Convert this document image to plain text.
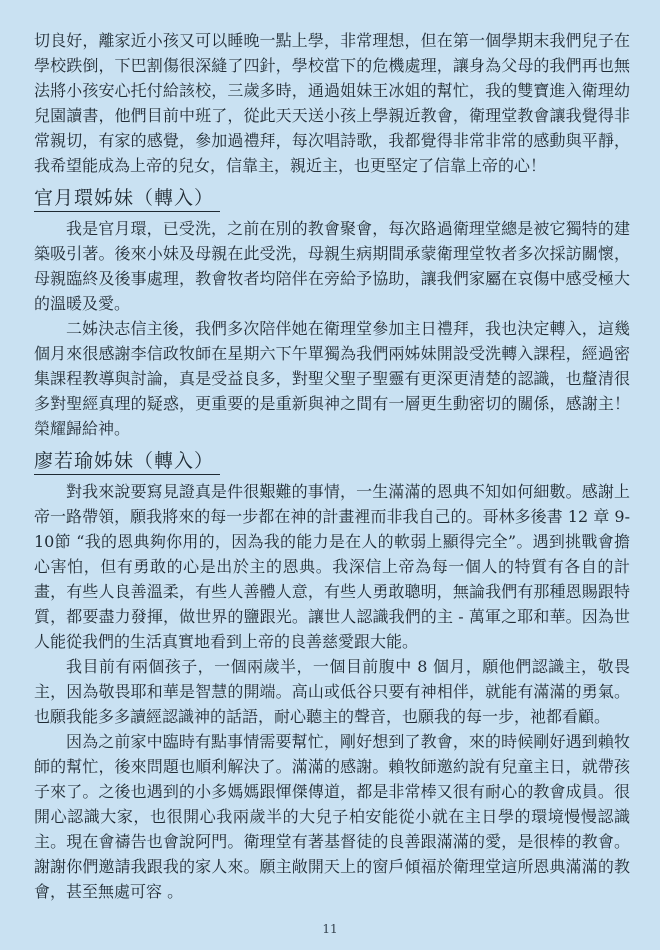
切良好，離家近小孩又可以睡晚一點上學，非常理想，但在第一個學期末我們兒子在學校跌倒，下巴割傷很深縫了四針，學校當下的危機處理，讓身為父母的我們再也無法將小孩安心托付給該校，三歲多時，通過姐妹王冰姐的幫忙，我的雙寶進入衛理幼兒園讀書，他們目前中班了，從此天天送小孩上學親近教會，衛理堂教會讓我覺得非常親切，有家的感覺，參加過禮拜，每次唱詩歌，我都覺得非常非常的感動與平靜，我希望能成為上帝的兒女，信靠主，親近主，也更堅定了信靠上帝的心！

官月環姊妹（轉入）

我是官月環，已受洗，之前在別的教會聚會，每次路過衛理堂總是被它獨特的建築吸引著。後來小妹及母親在此受洗，母親生病期間承蒙衛理堂牧者多次採訪關懷，母親臨終及後事處理，教會牧者均陪伴在旁給予協助，讓我們家屬在哀傷中感受極大的溫暖及愛。

二姊決志信主後，我們多次陪伴她在衛理堂參加主日禮拜，我也決定轉入，這幾個月來很感謝李信政牧師在星期六下午單獨為我們兩姊妹開設受洗轉入課程，經過密集課程教導與討論，真是受益良多，對聖父聖子聖靈有更深更清楚的認識，也釐清很多對聖經真理的疑惑，更重要的是重新與神之間有一層更生動密切的關係，感謝主！榮耀歸給神。

廖若瑜姊妹（轉入）

對我來說要寫見證真是件很艱難的事情，一生滿滿的恩典不知如何細數。感謝上帝一路帶領，願我將來的每一步都在神的計畫裡而非我自己的。哥林多後書 12 章 9-10節 “我的恩典夠你用的，因為我的能力是在人的軟弱上顯得完全”。遇到挑戰會擔心害怕，但有勇敢的心是出於主的恩典。我深信上帝為每一個人的特質有各自的計畫，有些人良善溫柔，有些人善體人意，有些人勇敢聰明，無論我們有那種恩賜跟特質，都要盡力發揮，做世界的鹽跟光。讓世人認識我們的主 - 萬軍之耶和華。因為世人能從我們的生活真實地看到上帝的良善慈愛跟大能。

我目前有兩個孩子，一個兩歲半，一個目前腹中 8 個月，願他們認識主，敬畏主，因為敬畏耶和華是智慧的開端。高山或低谷只要有神相伴，就能有滿滿的勇氣。也願我能多多讀經認識神的話語，耐心聽主的聲音，也願我的每一步，祂都看顧。

因為之前家中臨時有點事情需要幫忙，剛好想到了教會，來的時候剛好遇到賴牧師的幫忙，後來問題也順利解決了。滿滿的感謝。賴牧師邀約說有兒童主日，就帶孩子來了。之後也遇到的小多媽媽跟惲傑傳道，都是非常棒又很有耐心的教會成員。很開心認識大家，也很開心我兩歲半的大兒子柏安能從小就在主日學的環境慢慢認識主。現在會禱告也會說阿門。衛理堂有著基督徒的良善跟滿滿的愛，是很棒的教會。謝謝你們邀請我跟我的家人來。願主敞開天上的窗戶傾福於衛理堂這所恩典滿滿的教會，甚至無處可容 。

11
